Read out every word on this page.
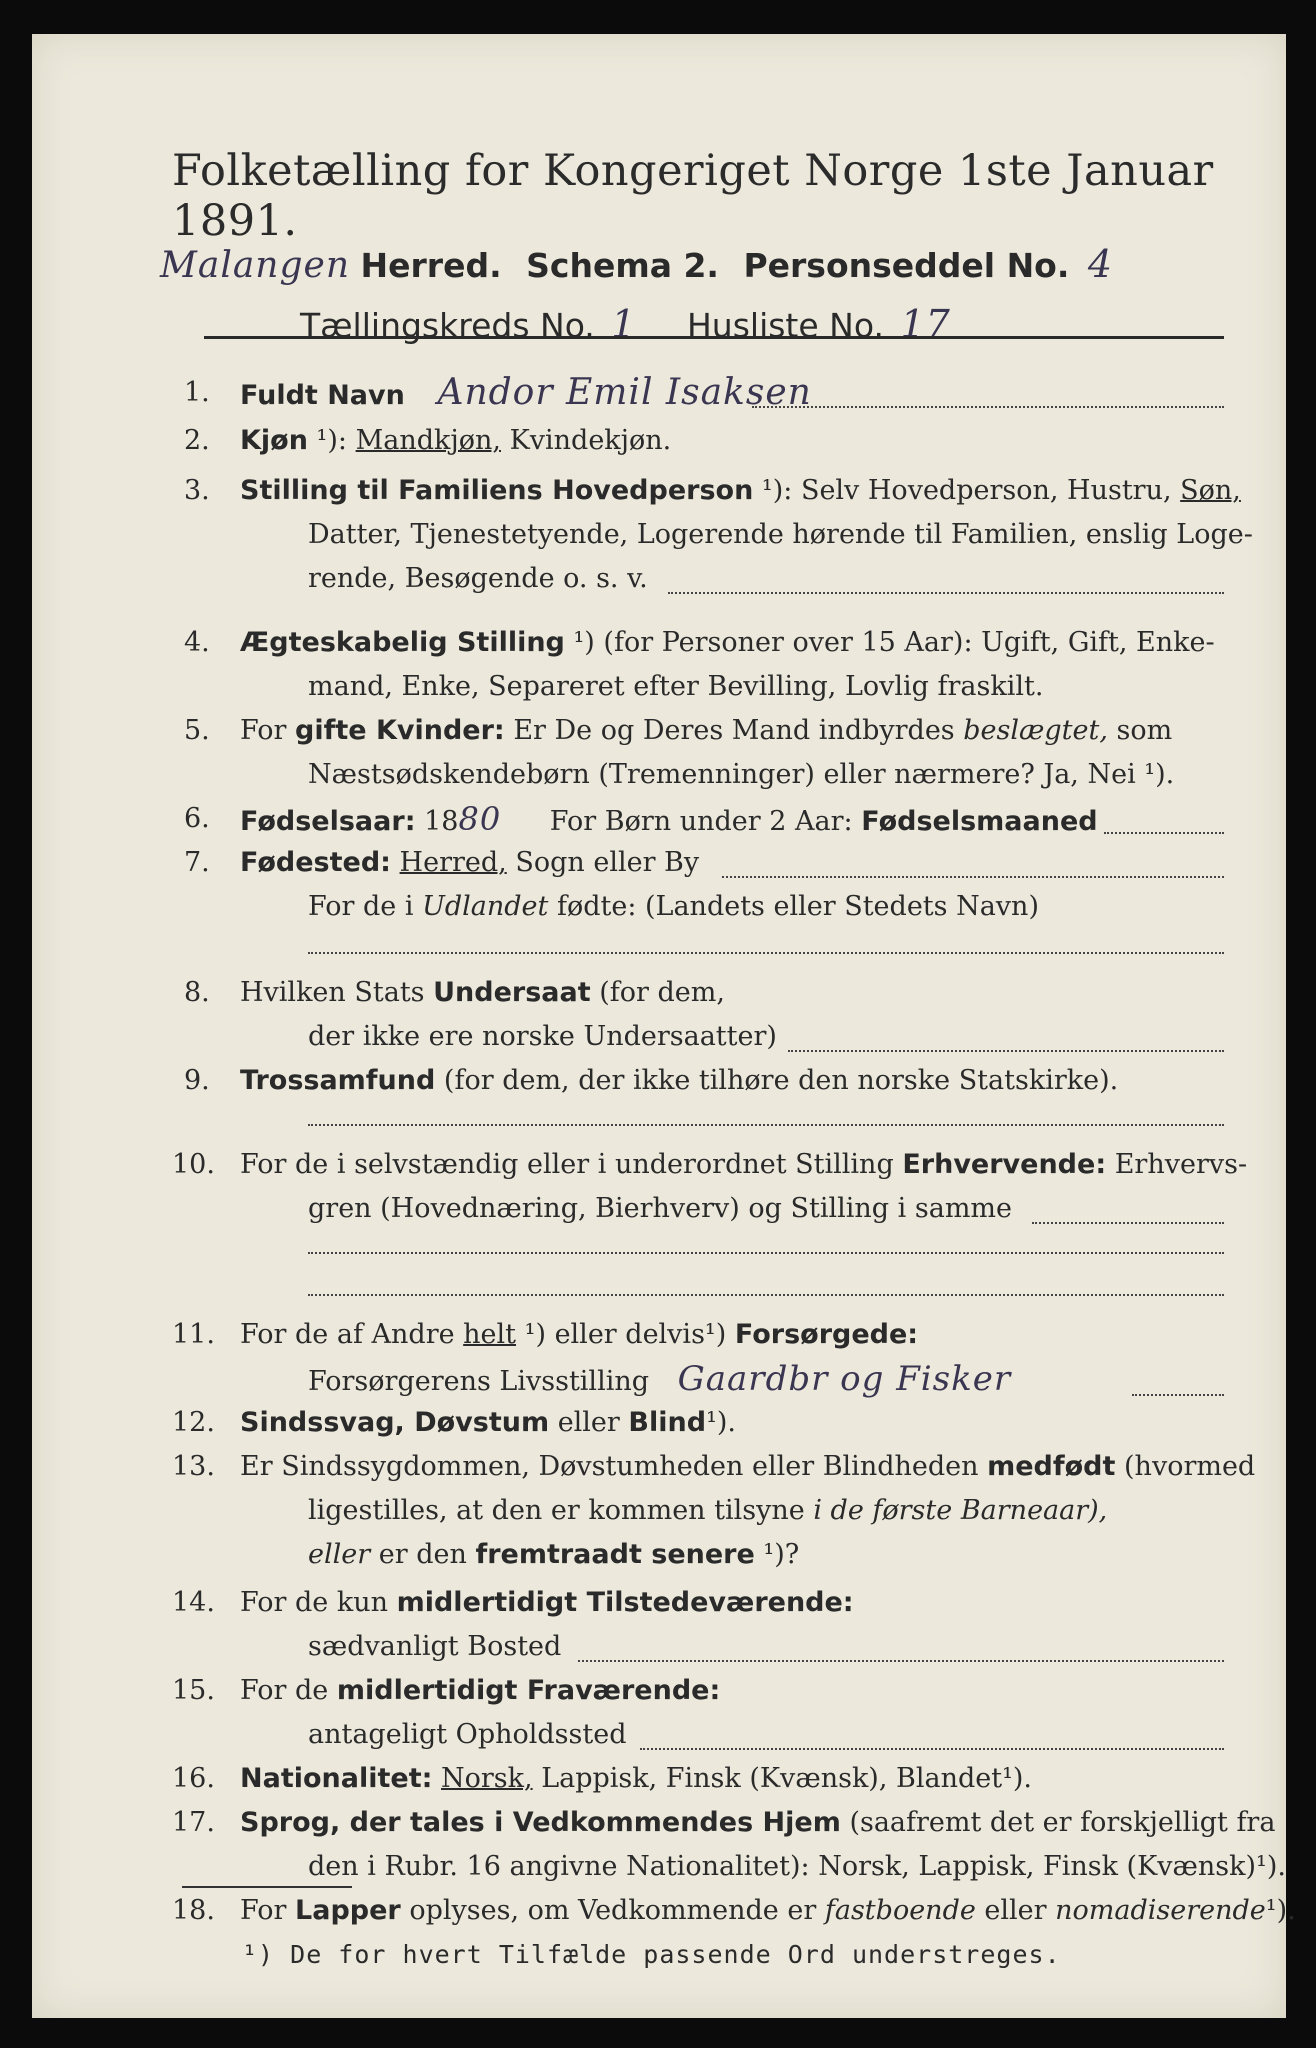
Folketælling for Kongeriget Norge 1ste Januar 1891.
Malangen Herred. Schema 2. Personseddel No. 4
Tællingskreds No. 1 Husliste No. 17
1. Fuldt Navn Andor Emil Isaksen
2. Kjøn ¹): Mandkjøn, Kvindekjøn.
3. Stilling til Familiens Hovedperson ¹): Selv Hovedperson, Hustru, Søn,
Datter, Tjenestetyende, Logerende hørende til Familien, enslig Loge-
rende, Besøgende o. s. v.
4. Ægteskabelig Stilling ¹) (for Personer over 15 Aar): Ugift, Gift, Enke-
mand, Enke, Separeret efter Bevilling, Lovlig fraskilt.
5. For gifte Kvinder: Er De og Deres Mand indbyrdes beslægtet, som
Næstsødskendebørn (Tremenninger) eller nærmere? Ja, Nei ¹).
6. Fødselsaar: 1880 For Børn under 2 Aar: Fødselsmaaned
7. Fødested: Herred, Sogn eller By
For de i Udlandet fødte: (Landets eller Stedets Navn)
8. Hvilken Stats Undersaat (for dem,
der ikke ere norske Undersaatter)
9. Trossamfund (for dem, der ikke tilhøre den norske Statskirke).
10. For de i selvstændig eller i underordnet Stilling Erhvervende: Erhvervs-
gren (Hovednæring, Bierhverv) og Stilling i samme
11. For de af Andre helt ¹) eller delvis¹) Forsørgede:
Forsørgerens Livsstilling Gaardbr og Fisker
12. Sindssvag, Døvstum eller Blind¹).
13. Er Sindssygdommen, Døvstumheden eller Blindheden medfødt (hvormed
ligestilles, at den er kommen tilsyne i de første Barneaar),
eller er den fremtraadt senere ¹)?
14. For de kun midlertidigt Tilstedeværende:
sædvanligt Bosted
15. For de midlertidigt Fraværende:
antageligt Opholdssted
16. Nationalitet: Norsk, Lappisk, Finsk (Kvænsk), Blandet¹).
17. Sprog, der tales i Vedkommendes Hjem (saafremt det er forskjelligt fra
den i Rubr. 16 angivne Nationalitet): Norsk, Lappisk, Finsk (Kvænsk)¹).
18. For Lapper oplyses, om Vedkommende er fastboende eller nomadiserende¹).
¹) De for hvert Tilfælde passende Ord understreges.
